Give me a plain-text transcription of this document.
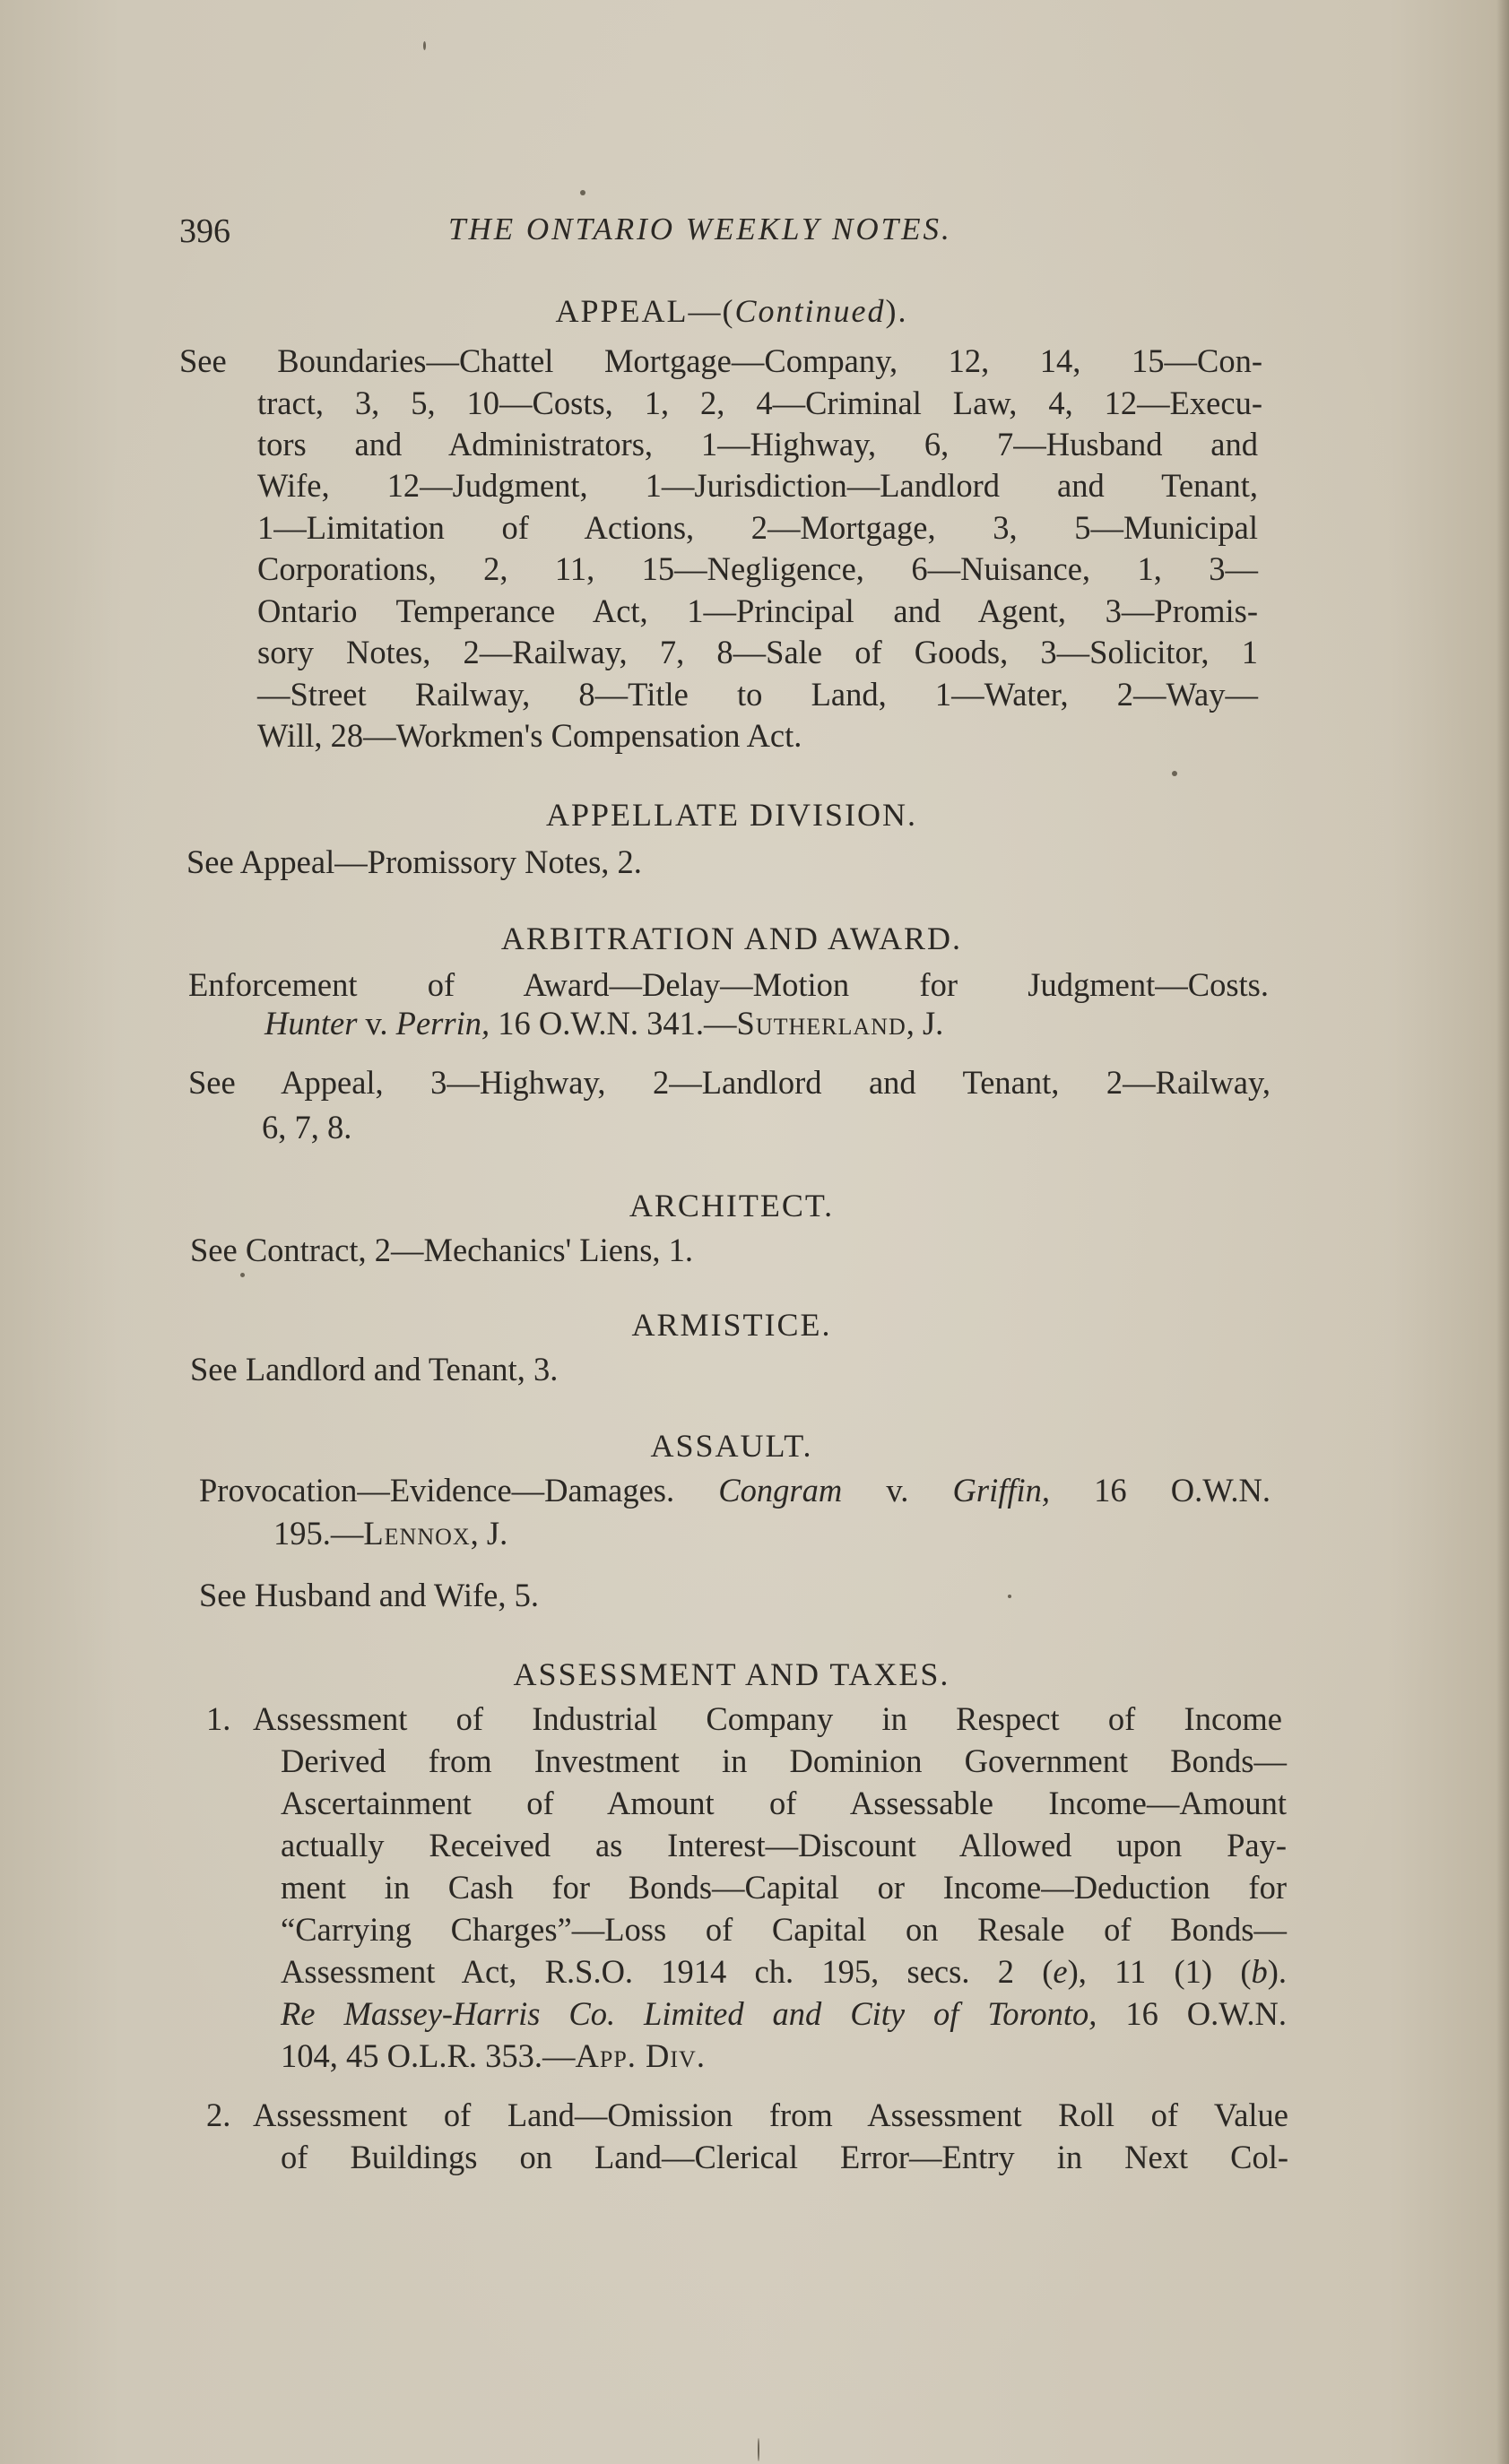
396	THE ONTARIO WEEKLY NOTES.
APPEAL—(Continued).
See Boundaries—Chattel Mortgage—Company, 12, 14, 15—Con-
tract, 3, 5, 10—Costs, 1, 2, 4—Criminal Law, 4, 12—Execu-
tors and Administrators, 1—Highway, 6, 7—Husband and
Wife, 12—Judgment, 1—Jurisdiction—Landlord and Tenant,
1—Limitation of Actions, 2—Mortgage, 3, 5—Municipal
Corporations, 2, 11, 15—Negligence, 6—Nuisance, 1, 3—
Ontario Temperance Act, 1—Principal and Agent, 3—Promis-
sory Notes, 2—Railway, 7, 8—Sale of Goods, 3—Solicitor, 1
—Street Railway, 8—Title to Land, 1—Water, 2—Way—
Will, 28—Workmen's Compensation Act.
APPELLATE DIVISION.
See Appeal—Promissory Notes, 2.
ARBITRATION AND AWARD.
Enforcement of Award—Delay—Motion for Judgment—Costs.
Hunter v. Perrin, 16 O.W.N. 341.—Sutherland, J.
See Appeal, 3—Highway, 2—Landlord and Tenant, 2—Railway,
6, 7, 8.
ARCHITECT.
See Contract, 2—Mechanics' Liens, 1.
ARMISTICE.
See Landlord and Tenant, 3.
ASSAULT.
Provocation—Evidence—Damages. Congram v. Griffin, 16 O.W.N.
195.—Lennox, J.
See Husband and Wife, 5.
ASSESSMENT AND TAXES.
1. Assessment of Industrial Company in Respect of Income
Derived from Investment in Dominion Government Bonds—
Ascertainment of Amount of Assessable Income—Amount
actually Received as Interest—Discount Allowed upon Pay-
ment in Cash for Bonds—Capital or Income—Deduction for
“Carrying Charges”—Loss of Capital on Resale of Bonds—
Assessment Act, R.S.O. 1914 ch. 195, secs. 2 (e), 11 (1) (b).
Re Massey-Harris Co. Limited and City of Toronto, 16 O.W.N.
104, 45 O.L.R. 353.—App. Div.
2. Assessment of Land—Omission from Assessment Roll of Value
of Buildings on Land—Clerical Error—Entry in Next Col-
